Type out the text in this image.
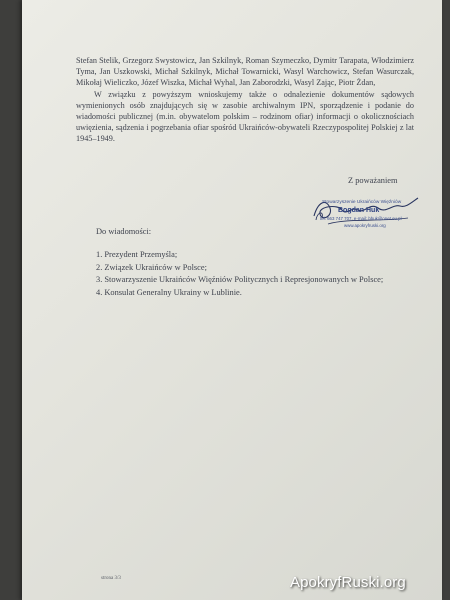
Stefan Stelik, Grzegorz Swystowicz, Jan Szkilnyk, Roman Szymeczko, Dymitr Tarapata, Włodzimierz Tyma, Jan Uszkowski, Michał Szkilnyk, Michał Towarnicki, Wasyl Warchowicz, Stefan Wasurczak, Mikołaj Wieliczko, Józef Wiszka, Michał Wyhal, Jan Zaborodzki, Wasyl Zając, Piotr Żdan,

W związku z powyższym wnioskujemy także o odnalezienie dokumentów sądowych wymienionych osób znajdujących się w zasobie archiwalnym IPN, sporządzenie i podanie do wiadomości publicznej (m.in. obywatelom polskim – rodzinom ofiar) informacji o okolicznościach uwięzienia, sądzenia i pogrzebania ofiar spośród Ukraińców-obywateli Rzeczypospolitej Polskiej z lat 1945–1949.

Z poważaniem
Stowarzyszenie Ukraińców Więźniów
Bogdan Huk
tel. 663 747 707, e-mail: bhuk@onet.eu.pl
www.apokryfruski.org
Do wiadomości:
1. Prezydent Przemyśla;
2. Związek Ukraińców w Polsce;
3. Stowarzyszenie Ukraińców Więźniów Politycznych i Represjonowanych w Polsce;
4. Konsulat Generalny Ukrainy w Lublinie.
strona 3/3	ApokryfRuski.org
